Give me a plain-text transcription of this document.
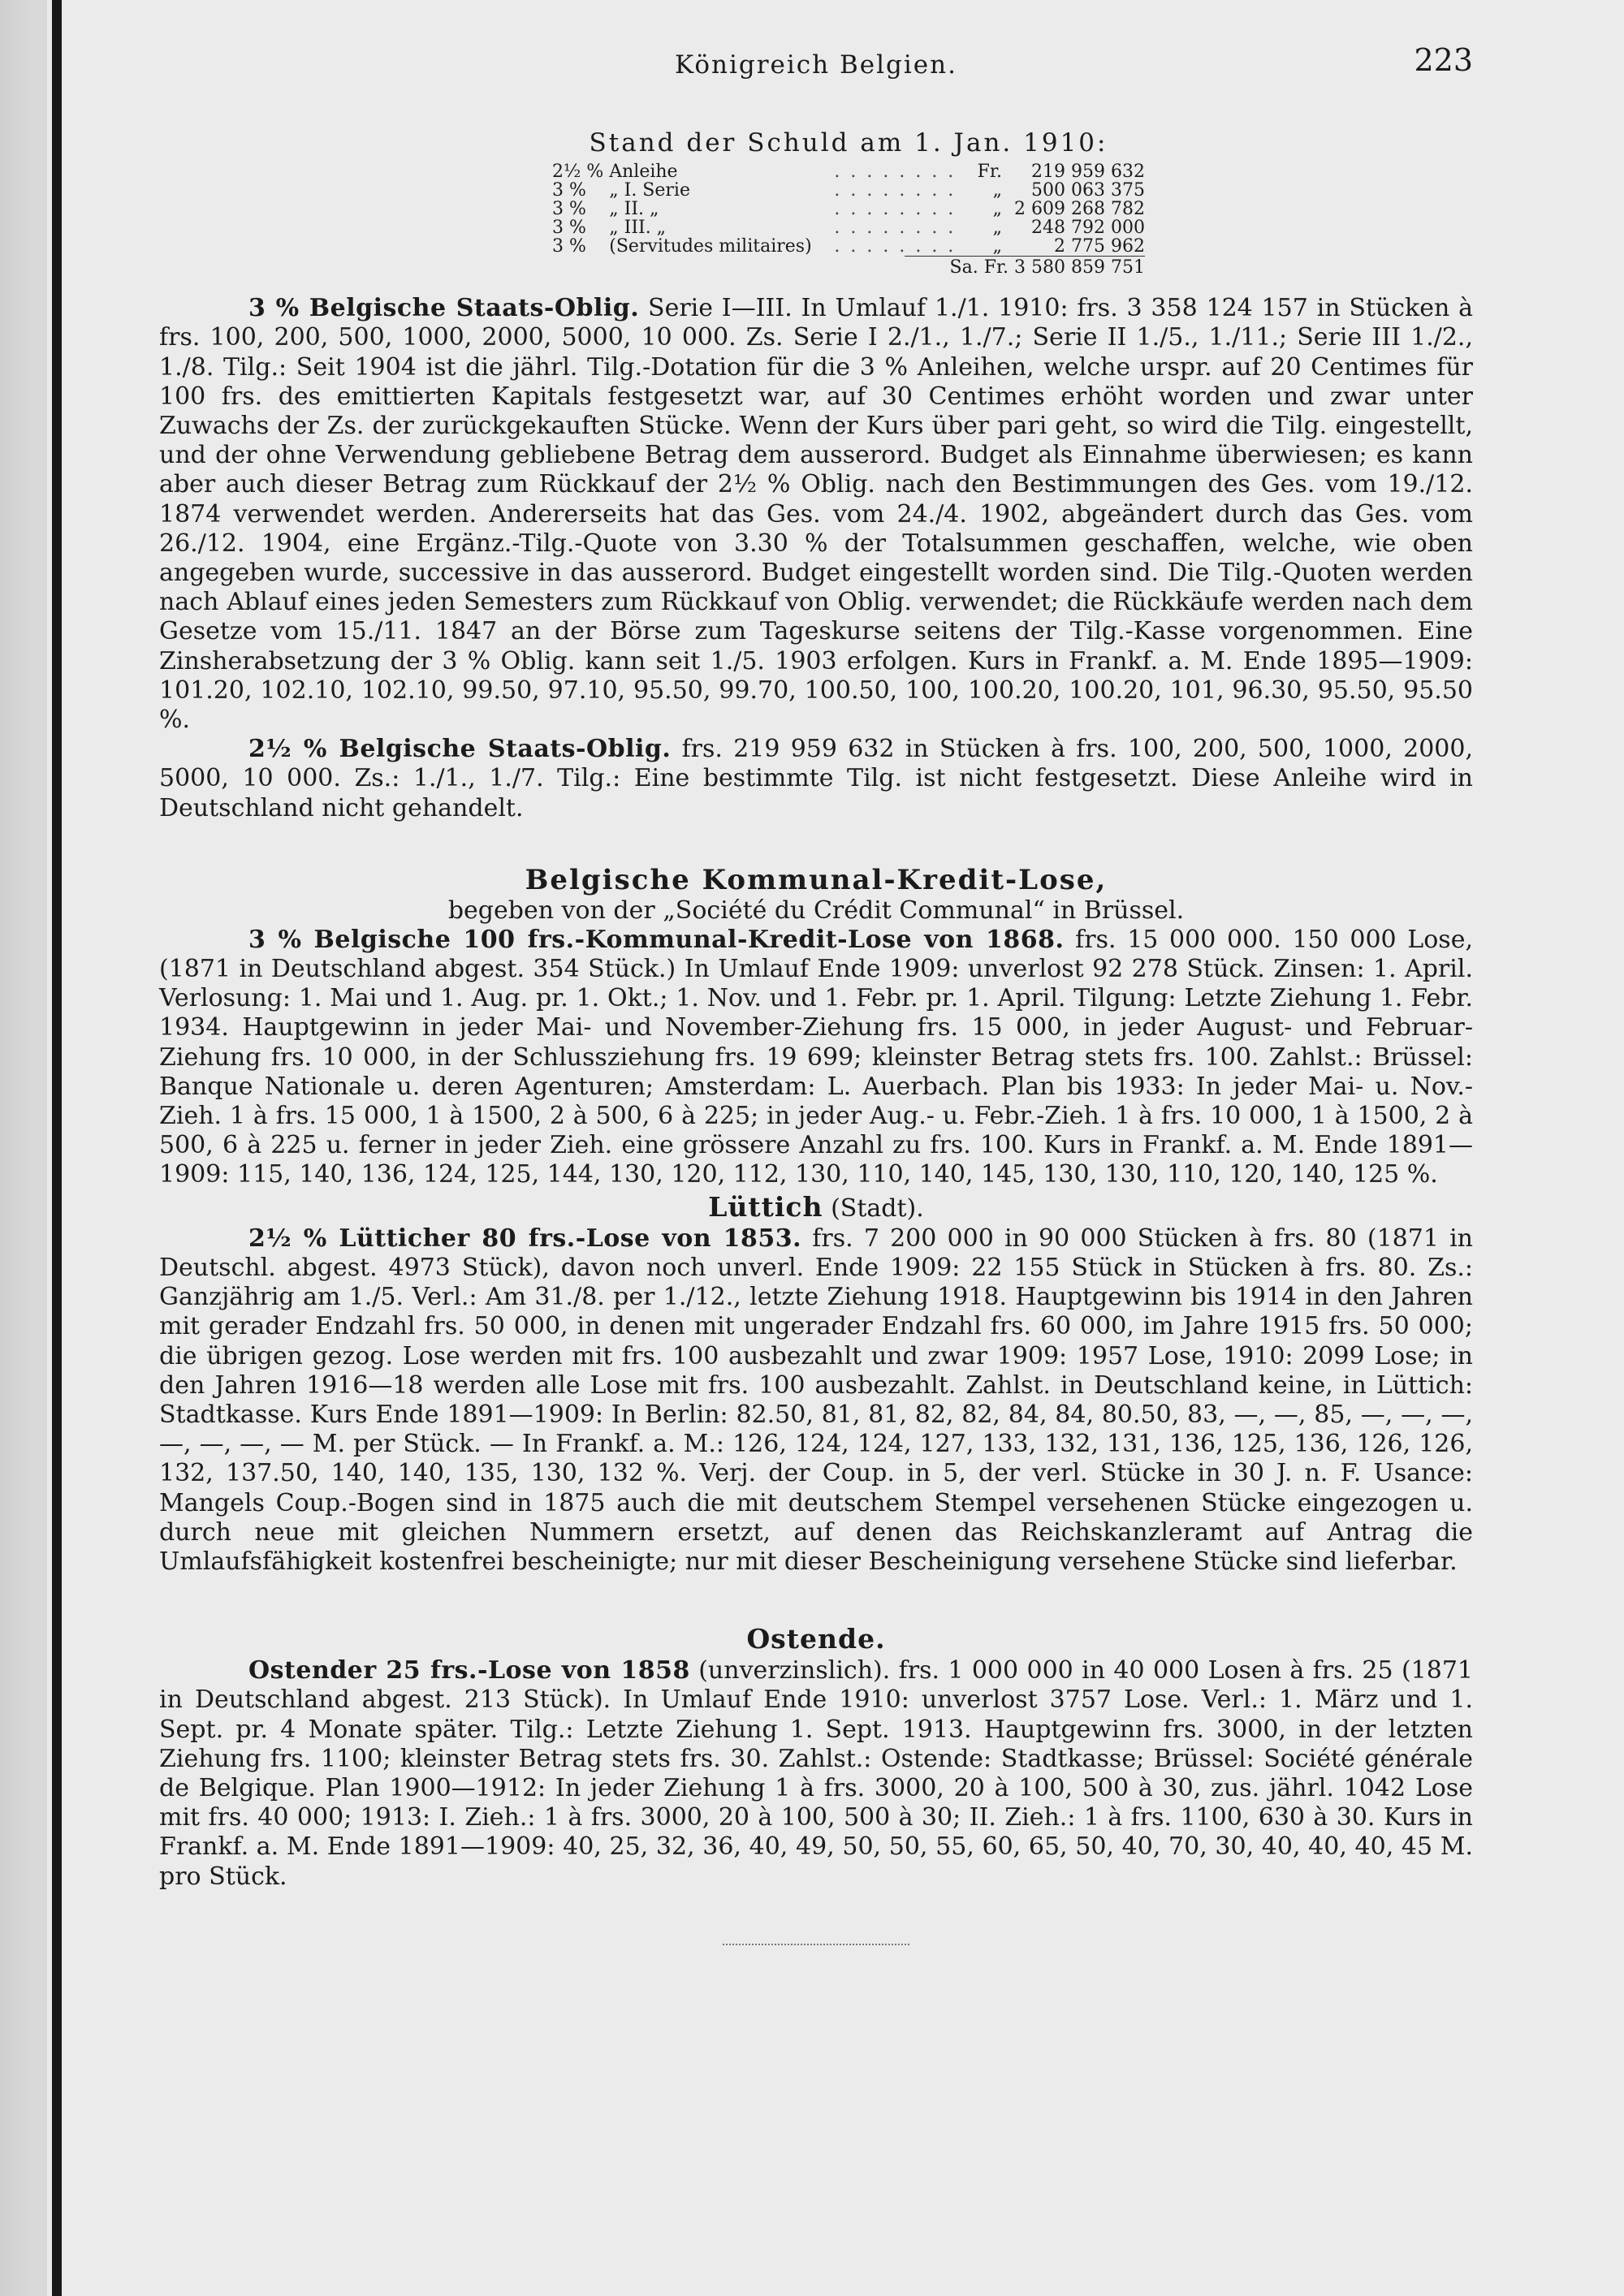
Königreich Belgien.	223
Stand der Schuld am 1. Jan. 1910:
2½ %	Anleihe	. . . . . . . .	Fr.	219 959 632
3 %	„ I. Serie	. . . . . . . .	„	500 063 375
3 %	„ II. „	. . . . . . . .	„	2 609 268 782
3 %	„ III. „	. . . . . . . .	„	248 792 000
3 %	(Servitudes militaires)	. . . . . . . .	„	2 775 962
Sa. Fr. 3 580 859 751

3 % Belgische Staats-Oblig. Serie I—III. In Umlauf 1./1. 1910: frs. 3 358 124 157 in Stücken à frs. 100, 200, 500, 1000, 2000, 5000, 10 000. Zs. Serie I 2./1., 1./7.; Serie II 1./5., 1./11.; Serie III 1./2., 1./8. Tilg.: Seit 1904 ist die jährl. Tilg.-Dotation für die 3 % Anleihen, welche urspr. auf 20 Centimes für 100 frs. des emittierten Kapitals festgesetzt war, auf 30 Centimes erhöht worden und zwar unter Zuwachs der Zs. der zurückgekauften Stücke. Wenn der Kurs über pari geht, so wird die Tilg. eingestellt, und der ohne Verwendung gebliebene Betrag dem ausserord. Budget als Einnahme überwiesen; es kann aber auch dieser Betrag zum Rückkauf der 2½ % Oblig. nach den Bestimmungen des Ges. vom 19./12. 1874 verwendet werden. Andererseits hat das Ges. vom 24./4. 1902, abgeändert durch das Ges. vom 26./12. 1904, eine Ergänz.-Tilg.-Quote von 3.30 % der Totalsummen geschaffen, welche, wie oben angegeben wurde, successive in das ausserord. Budget eingestellt worden sind. Die Tilg.-Quoten werden nach Ablauf eines jeden Semesters zum Rückkauf von Oblig. verwendet; die Rückkäufe werden nach dem Gesetze vom 15./11. 1847 an der Börse zum Tageskurse seitens der Tilg.-Kasse vorgenommen. Eine Zinsherabsetzung der 3 % Oblig. kann seit 1./5. 1903 erfolgen. Kurs in Frankf. a. M. Ende 1895—1909: 101.20, 102.10, 102.10, 99.50, 97.10, 95.50, 99.70, 100.50, 100, 100.20, 100.20, 101, 96.30, 95.50, 95.50 %.

2½ % Belgische Staats-Oblig. frs. 219 959 632 in Stücken à frs. 100, 200, 500, 1000, 2000, 5000, 10 000. Zs.: 1./1., 1./7. Tilg.: Eine bestimmte Tilg. ist nicht festgesetzt. Diese Anleihe wird in Deutschland nicht gehandelt.

Belgische Kommunal-Kredit-Lose,
begeben von der „Société du Crédit Communal“ in Brüssel.

3 % Belgische 100 frs.-Kommunal-Kredit-Lose von 1868. frs. 15 000 000. 150 000 Lose, (1871 in Deutschland abgest. 354 Stück.) In Umlauf Ende 1909: unverlost 92 278 Stück. Zinsen: 1. April. Verlosung: 1. Mai und 1. Aug. pr. 1. Okt.; 1. Nov. und 1. Febr. pr. 1. April. Tilgung: Letzte Ziehung 1. Febr. 1934. Hauptgewinn in jeder Mai- und November-Ziehung frs. 15 000, in jeder August- und Februar-Ziehung frs. 10 000, in der Schlussziehung frs. 19 699; kleinster Betrag stets frs. 100. Zahlst.: Brüssel: Banque Nationale u. deren Agenturen; Amsterdam: L. Auerbach. Plan bis 1933: In jeder Mai- u. Nov.-Zieh. 1 à frs. 15 000, 1 à 1500, 2 à 500, 6 à 225; in jeder Aug.- u. Febr.-Zieh. 1 à frs. 10 000, 1 à 1500, 2 à 500, 6 à 225 u. ferner in jeder Zieh. eine grössere Anzahl zu frs. 100. Kurs in Frankf. a. M. Ende 1891—1909: 115, 140, 136, 124, 125, 144, 130, 120, 112, 130, 110, 140, 145, 130, 130, 110, 120, 140, 125 %.

Lüttich (Stadt).

2½ % Lütticher 80 frs.-Lose von 1853. frs. 7 200 000 in 90 000 Stücken à frs. 80 (1871 in Deutschl. abgest. 4973 Stück), davon noch unverl. Ende 1909: 22 155 Stück in Stücken à frs. 80. Zs.: Ganzjährig am 1./5. Verl.: Am 31./8. per 1./12., letzte Ziehung 1918. Hauptgewinn bis 1914 in den Jahren mit gerader Endzahl frs. 50 000, in denen mit ungerader Endzahl frs. 60 000, im Jahre 1915 frs. 50 000; die übrigen gezog. Lose werden mit frs. 100 ausbezahlt und zwar 1909: 1957 Lose, 1910: 2099 Lose; in den Jahren 1916—18 werden alle Lose mit frs. 100 ausbezahlt. Zahlst. in Deutschland keine, in Lüttich: Stadtkasse. Kurs Ende 1891—1909: In Berlin: 82.50, 81, 81, 82, 82, 84, 84, 80.50, 83, —, —, 85, —, —, —, —, —, —, — M. per Stück. — In Frankf. a. M.: 126, 124, 124, 127, 133, 132, 131, 136, 125, 136, 126, 126, 132, 137.50, 140, 140, 135, 130, 132 %. Verj. der Coup. in 5, der verl. Stücke in 30 J. n. F. Usance: Mangels Coup.-Bogen sind in 1875 auch die mit deutschem Stempel versehenen Stücke eingezogen u. durch neue mit gleichen Nummern ersetzt, auf denen das Reichskanzleramt auf Antrag die Umlaufsfähigkeit kostenfrei bescheinigte; nur mit dieser Bescheinigung versehene Stücke sind lieferbar.

Ostende.

Ostender 25 frs.-Lose von 1858 (unverzinslich). frs. 1 000 000 in 40 000 Losen à frs. 25 (1871 in Deutschland abgest. 213 Stück). In Umlauf Ende 1910: unverlost 3757 Lose. Verl.: 1. März und 1. Sept. pr. 4 Monate später. Tilg.: Letzte Ziehung 1. Sept. 1913. Hauptgewinn frs. 3000, in der letzten Ziehung frs. 1100; kleinster Betrag stets frs. 30. Zahlst.: Ostende: Stadtkasse; Brüssel: Société générale de Belgique. Plan 1900—1912: In jeder Ziehung 1 à frs. 3000, 20 à 100, 500 à 30, zus. jährl. 1042 Lose mit frs. 40 000; 1913: I. Zieh.: 1 à frs. 3000, 20 à 100, 500 à 30; II. Zieh.: 1 à frs. 1100, 630 à 30. Kurs in Frankf. a. M. Ende 1891—1909: 40, 25, 32, 36, 40, 49, 50, 50, 55, 60, 65, 50, 40, 70, 30, 40, 40, 40, 45 M. pro Stück.
